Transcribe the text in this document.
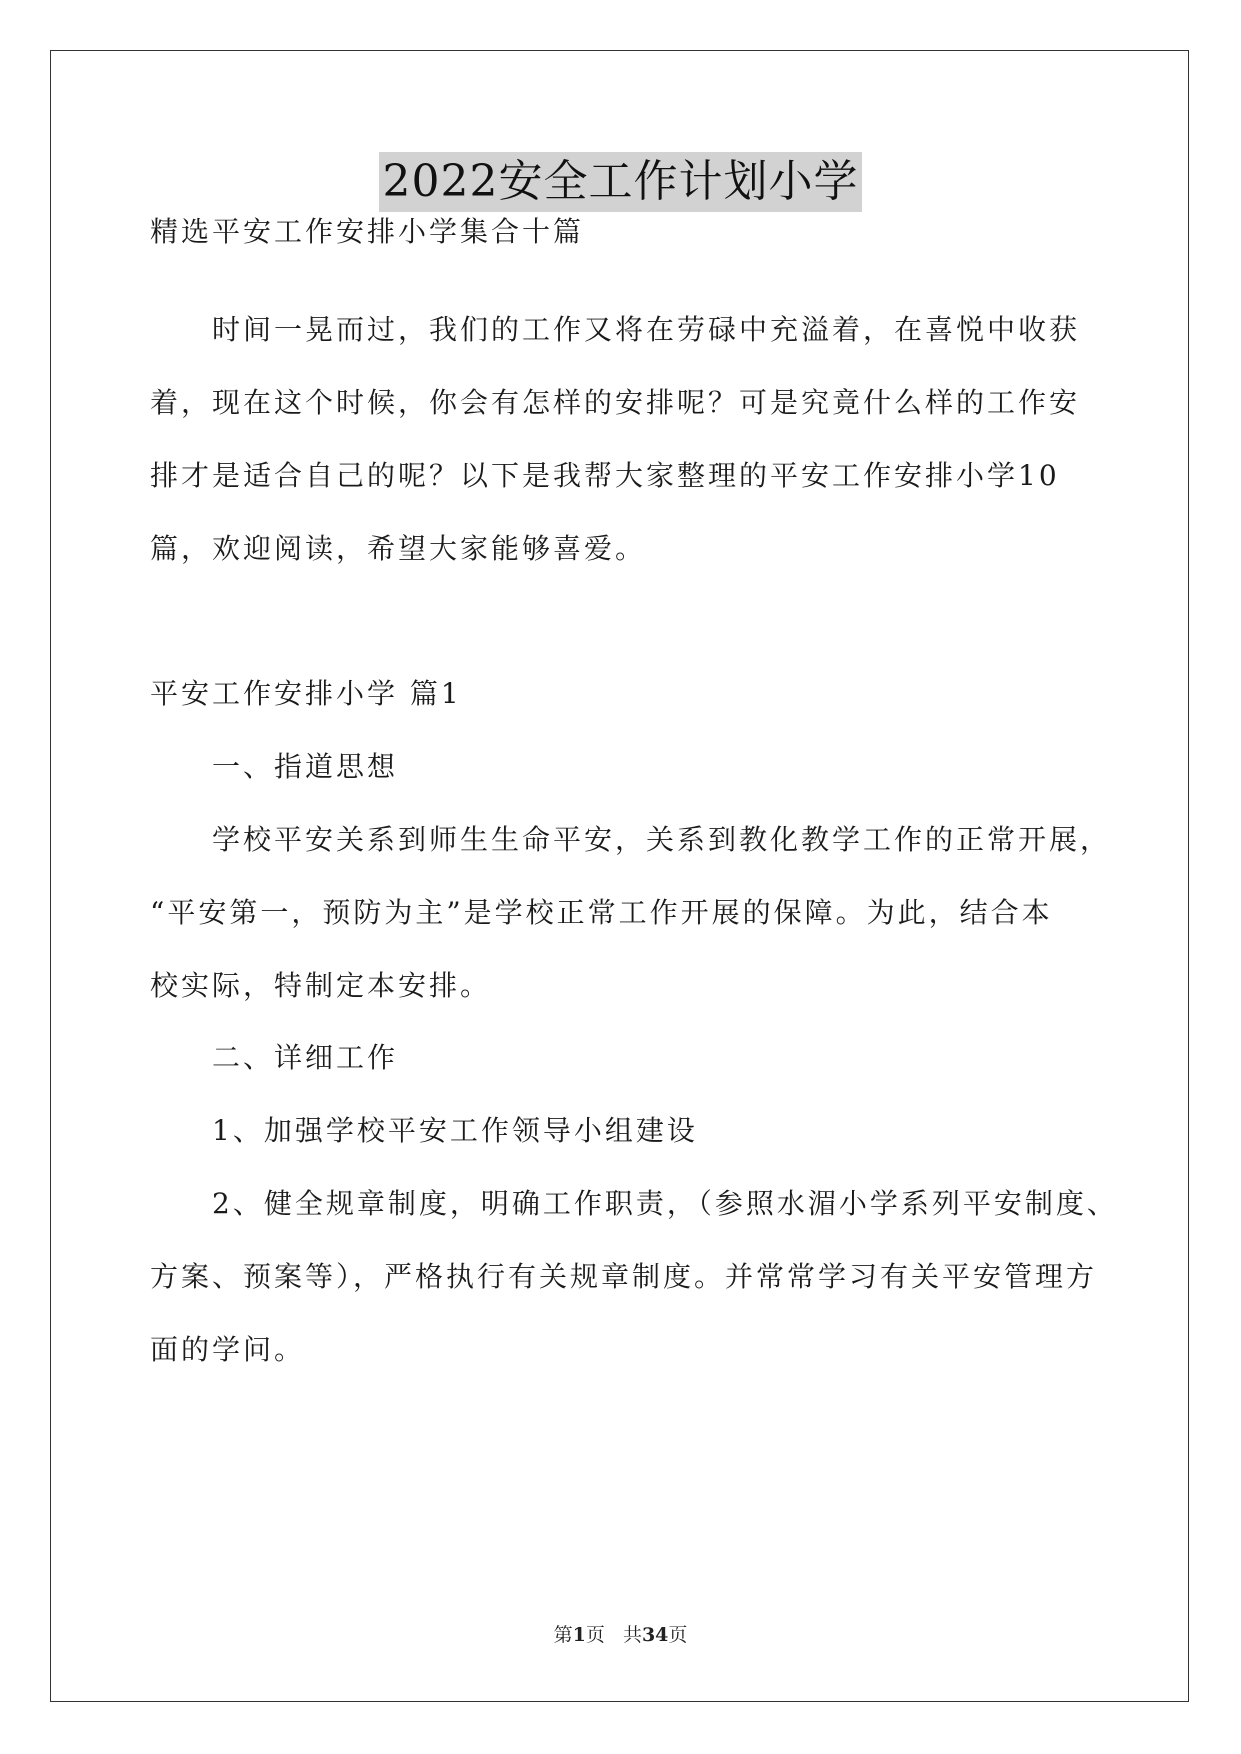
2022安全工作计划小学
精选平安工作安排小学集合十篇
时间一晃而过，我们的工作又将在劳碌中充溢着，在喜悦中收获
着，现在这个时候，你会有怎样的安排呢？可是究竟什么样的工作安
排才是适合自己的呢？以下是我帮大家整理的平安工作安排小学10
篇，欢迎阅读，希望大家能够喜爱。
平安工作安排小学 篇1
一、指道思想
学校平安关系到师生生命平安，关系到教化教学工作的正常开展，
“平安第一，预防为主”是学校正常工作开展的保障。为此，结合本
校实际，特制定本安排。
二、详细工作
1、加强学校平安工作领导小组建设
2、健全规章制度，明确工作职责，（参照水湄小学系列平安制度、
方案、预案等），严格执行有关规章制度。并常常学习有关平安管理方
面的学问。
第1页   共34页
